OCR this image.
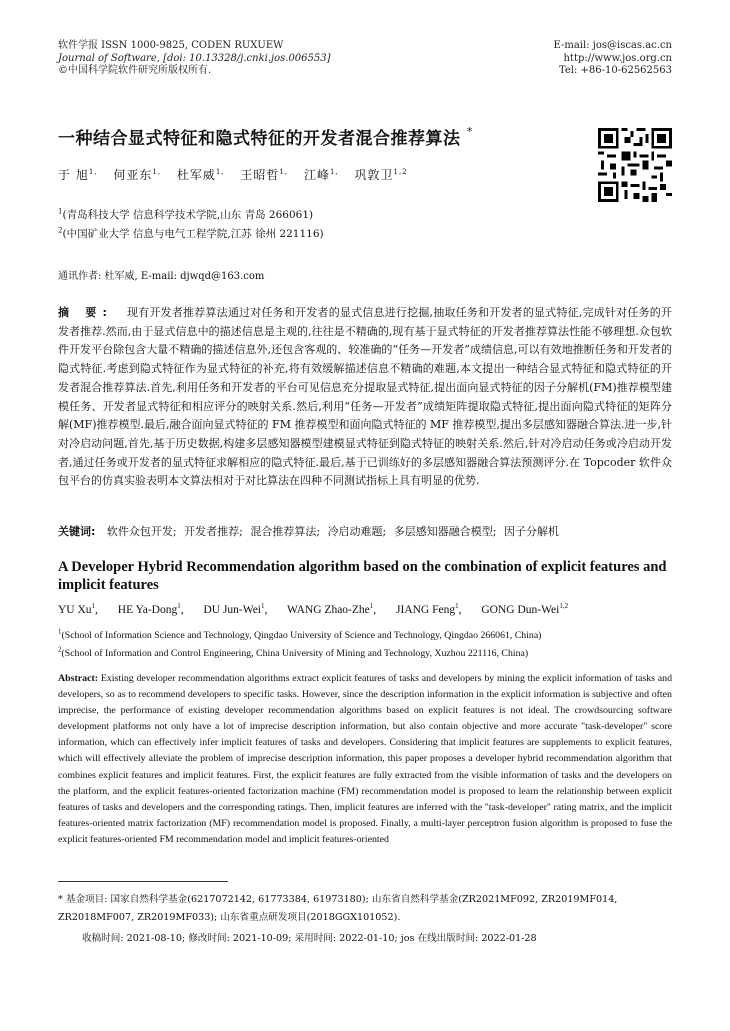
软件学报 ISSN 1000-9825, CODEN RUXUEW
Journal of Software, [doi: 10.13328/j.cnki.jos.006553]
©中国科学院软件研究所版权所有.
E-mail: jos@iscas.ac.cn
http://www.jos.org.cn
Tel: +86-10-62562563
一种结合显式特征和隐式特征的开发者混合推荐算法 *
于 旭$^{1,}$ 何亚东$^{1,}$ 杜军威$^{1,}$ 王昭哲$^{1,}$ 江峰$^{1,}$ 巩敦卫$^{1,2}$
$^1$(青岛科技大学 信息科学技术学院,山东 青岛 266061)
$^2$(中国矿业大学 信息与电气工程学院,江苏 徐州 221116)
通讯作者: 杜军威, E-mail: djwqd@163.com
摘 要: 现有开发者推荐算法通过对任务和开发者的显式信息进行挖掘,抽取任务和开发者的显式特征,完成针对任务的开发者推荐.然而,由于显式信息中的描述信息是主观的,往往是不精确的,现有基于显式特征的开发者推荐算法性能不够理想.众包软件开发平台除包含大量不精确的描述信息外,还包含客观的、较准确的“任务—开发者”成绩信息,可以有效地推断任务和开发者的隐式特征.考虑到隐式特征作为显式特征的补充,将有效缓解描述信息不精确的难题,本文提出一种结合显式特征和隐式特征的开发者混合推荐算法.首先,利用任务和开发者的平台可见信息充分提取显式特征,提出面向显式特征的因子分解机(FM)推荐模型建模任务、开发者显式特征和相应评分的映射关系.然后,利用“任务—开发者”成绩矩阵提取隐式特征,提出面向隐式特征的矩阵分解(MF)推荐模型.最后,融合面向显式特征的 FM 推荐模型和面向隐式特征的 MF 推荐模型,提出多层感知器融合算法.进一步,针对冷启动问题,首先,基于历史数据,构建多层感知器模型建模显式特征到隐式特征的映射关系.然后,针对冷启动任务或冷启动开发者,通过任务或开发者的显式特征求解相应的隐式特征.最后,基于已训练好的多层感知器融合算法预测评分.在 Topcoder 软件众包平台的仿真实验表明本文算法相对于对比算法在四种不同测试指标上具有明显的优势.
关键词: 软件众包开发; 开发者推荐; 混合推荐算法; 冷启动难题; 多层感知器融合模型; 因子分解机
A Developer Hybrid Recommendation algorithm based on the combination of explicit features and implicit features
YU Xu$^1$, HE Ya-Dong$^1$, DU Jun-Wei$^1$, WANG Zhao-Zhe$^1$, JIANG Feng$^1$, GONG Dun-Wei$^{1,2}$
$^1$(School of Information Science and Technology, Qingdao University of Science and Technology, Qingdao 266061, China)
$^2$(School of Information and Control Engineering, China University of Mining and Technology, Xuzhou 221116, China)
Abstract: Existing developer recommendation algorithms extract explicit features of tasks and developers by mining the explicit information of tasks and developers, so as to recommend developers to specific tasks. However, since the description information in the explicit information is subjective and often imprecise, the performance of existing developer recommendation algorithms based on explicit features is not ideal. The crowdsourcing software development platforms not only have a lot of imprecise description information, but also contain objective and more accurate "task-developer" score information, which can effectively infer implicit features of tasks and developers. Considering that implicit features are supplements to explicit features, which will effectively alleviate the problem of imprecise description information, this paper proposes a developer hybrid recommendation algorithm that combines explicit features and implicit features. First, the explicit features are fully extracted from the visible information of tasks and the developers on the platform, and the explicit features-oriented factorization machine (FM) recommendation model is proposed to learn the relationship between explicit features of tasks and developers and the corresponding ratings. Then, implicit features are inferred with the "task-developer" rating matrix, and the implicit features-oriented matrix factorization (MF) recommendation model is proposed. Finally, a multi-layer perceptron fusion algorithm is proposed to fuse the explicit features-oriented FM recommendation model and implicit features-oriented
* 基金项目: 国家自然科学基金(6217072142, 61773384, 61973180); 山东省自然科学基金(ZR2021MF092, ZR2019MF014,
ZR2018MF007, ZR2019MF033); 山东省重点研发项目(2018GGX101052).
收稿时间: 2021-08-10; 修改时间: 2021-10-09; 采用时间: 2022-01-10; jos 在线出版时间: 2022-01-28
